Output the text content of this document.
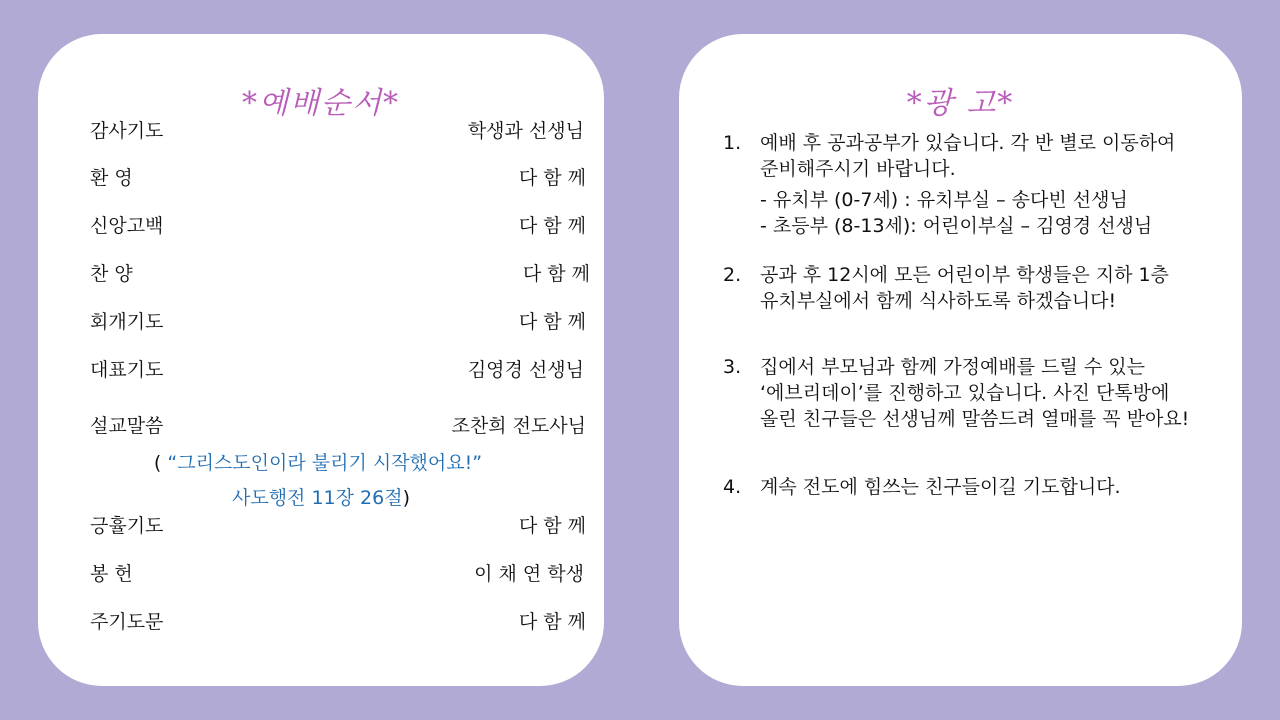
*예배순서*
감사기도	학생과 선생님
환 영	다 함 께
신앙고백	다 함 께
찬 양	다 함 께
회개기도	다 함 께
대표기도	김영경 선생님
설교말씀	조찬희 전도사님
( “그리스도인이라 불리기 시작했어요!”
사도행전 11장 26절)
긍휼기도	다 함 께
봉 헌	이 채 연 학생
주기도문	다 함 께
*광 고*
1. 예배 후 공과공부가 있습니다. 각 반 별로 이동하여
준비해주시기 바랍니다.
- 유치부 (0-7세) : 유치부실 – 송다빈 선생님
- 초등부 (8-13세): 어린이부실 – 김영경 선생님
2. 공과 후 12시에 모든 어린이부 학생들은 지하 1층
유치부실에서 함께 식사하도록 하겠습니다!
3. 집에서 부모님과 함께 가정예배를 드릴 수 있는
‘에브리데이’를 진행하고 있습니다. 사진 단톡방에
올린 친구들은 선생님께 말씀드려 열매를 꼭 받아요!
4. 계속 전도에 힘쓰는 친구들이길 기도합니다.
